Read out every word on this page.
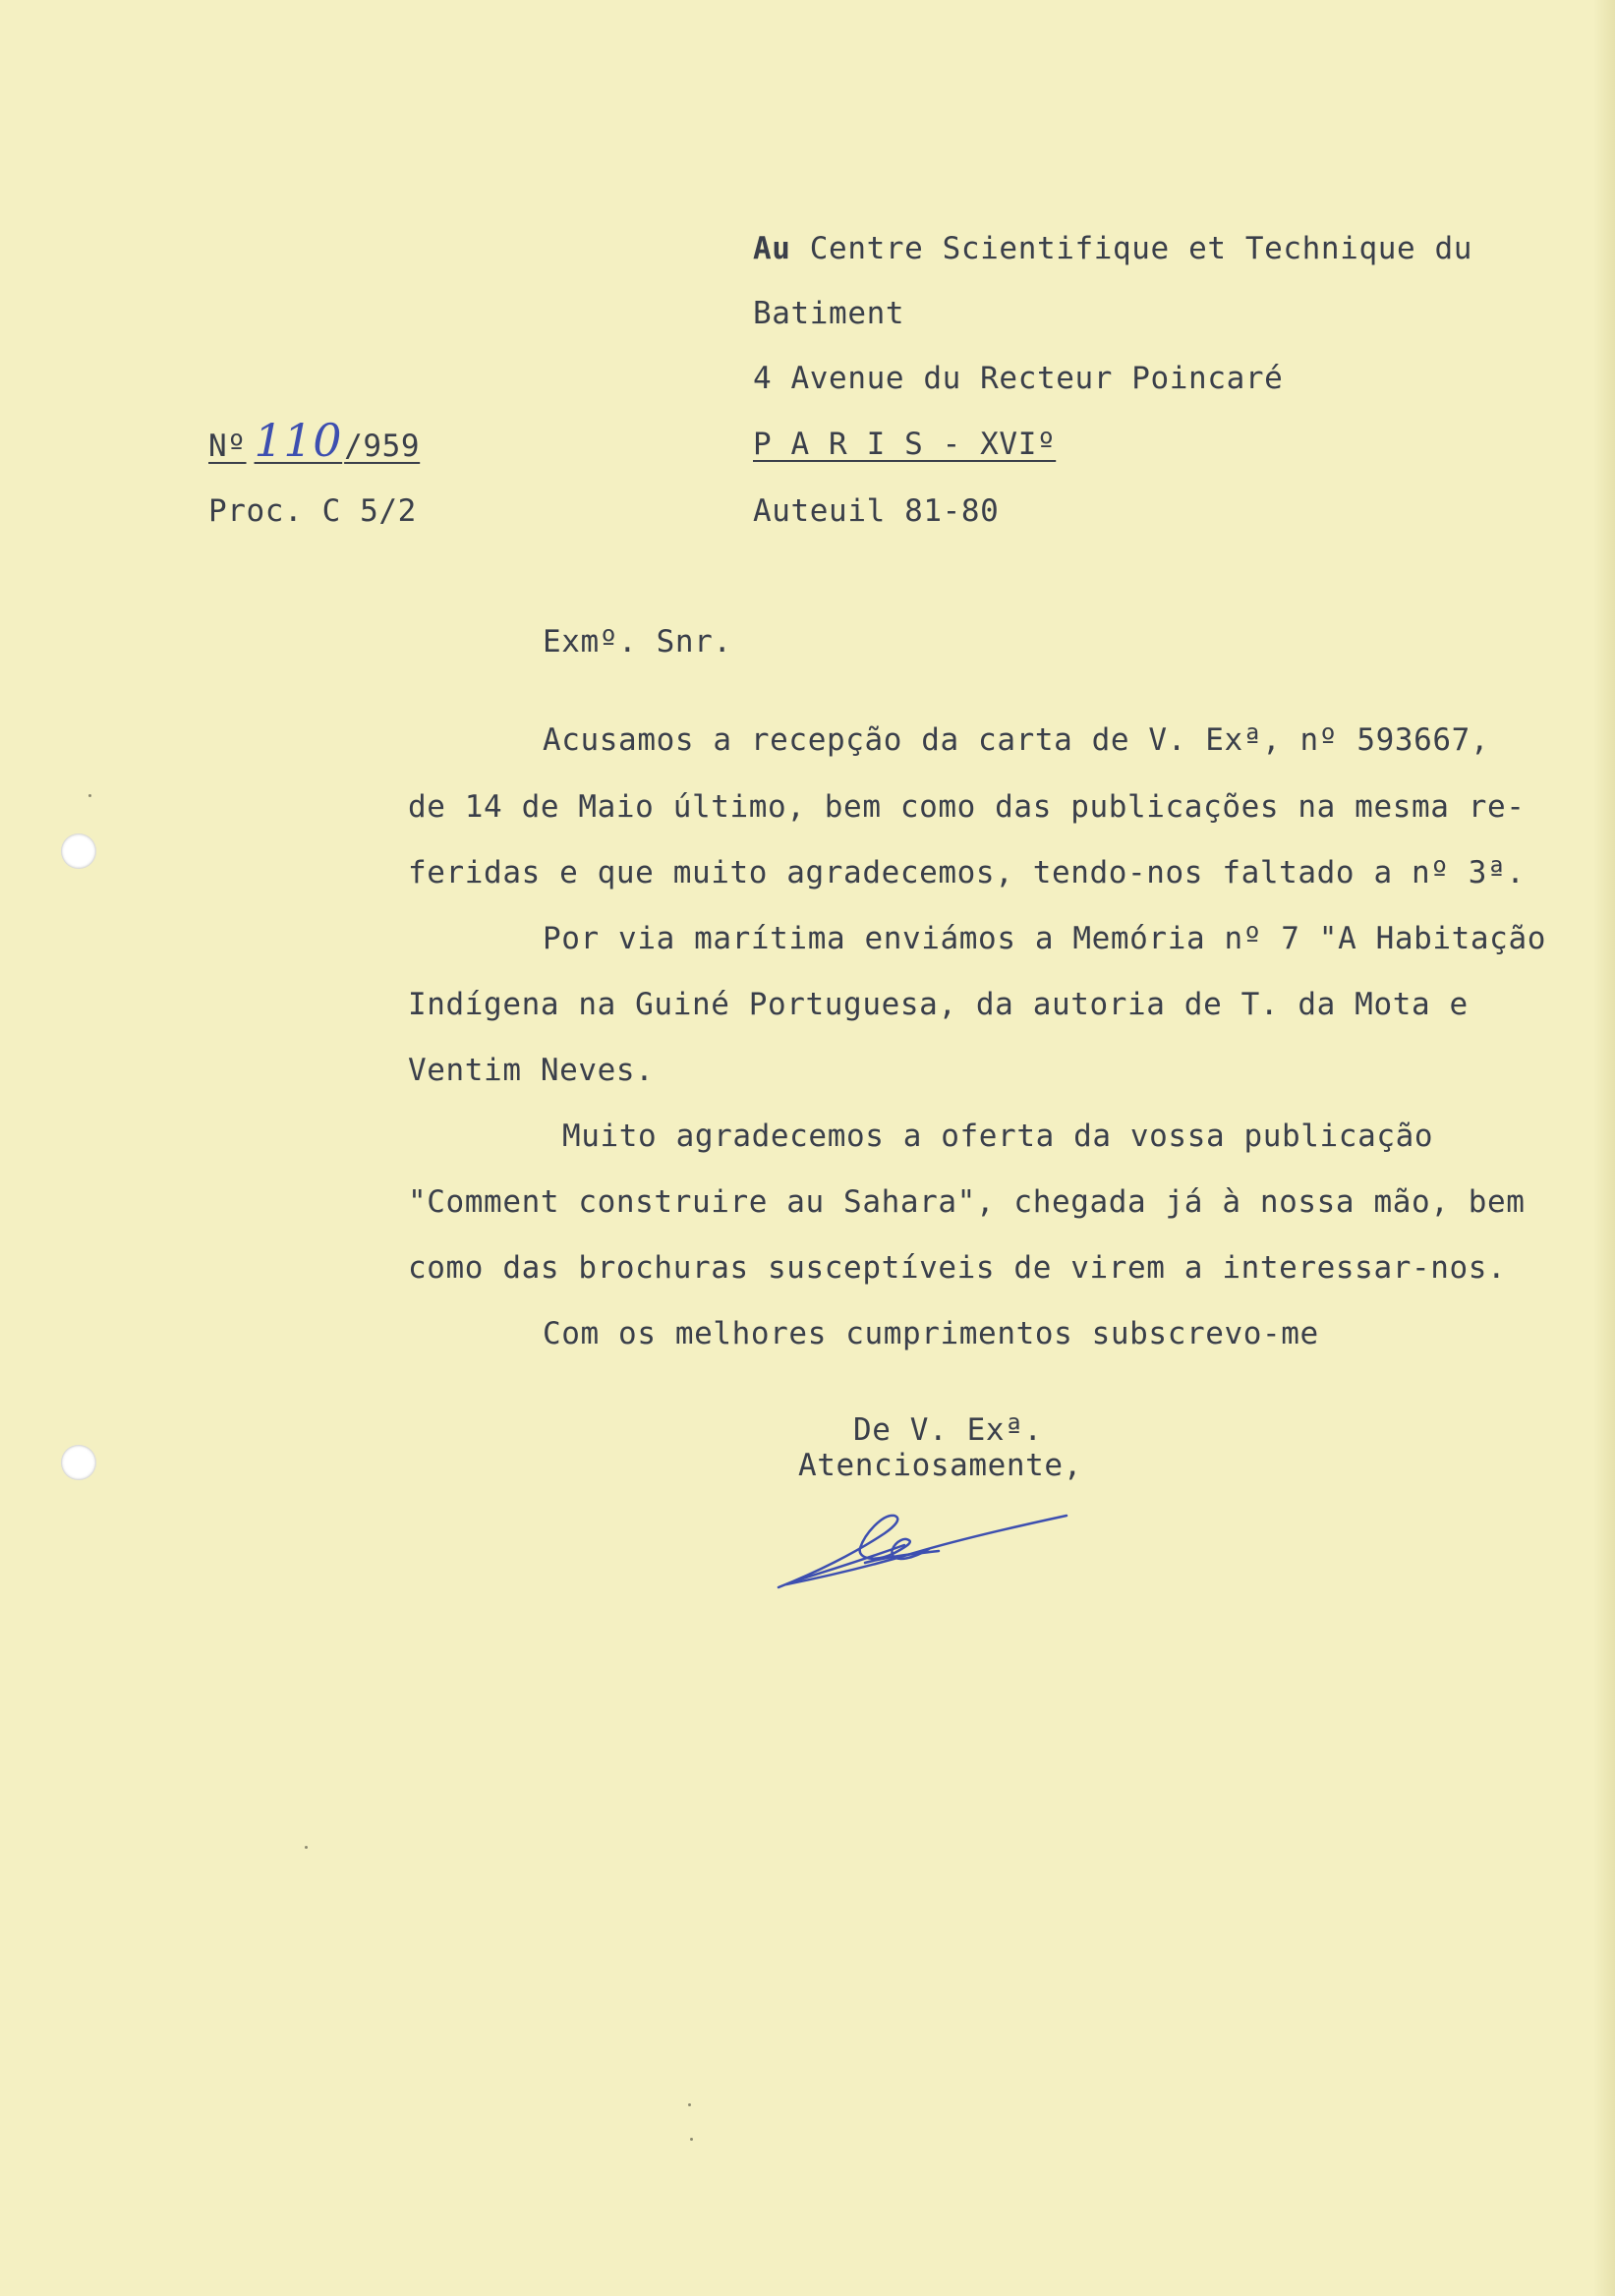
Au Centre Scientifique et Technique du
Batiment
4 Avenue du Recteur Poincaré
P A R I S - XVIº
Auteuil 81-80
Nº 110 /959
Proc. C 5/2
Exmº. Snr.
Acusamos a recepção da carta de V. Exª, nº 593667,
de 14 de Maio último, bem como das publicações na mesma re-
feridas e que muito agradecemos, tendo-nos faltado a nº 3ª.
Por via marítima enviámos a Memória nº 7 "A Habitação
Indígena na Guiné Portuguesa, da autoria de T. da Mota e
Ventim Neves.
Muito agradecemos a oferta da vossa publicação
"Comment construire au Sahara", chegada já à nossa mão, bem
como das brochuras susceptíveis de virem a interessar-nos.
Com os melhores cumprimentos subscrevo-me
De V. Exª.
Atenciosamente,
